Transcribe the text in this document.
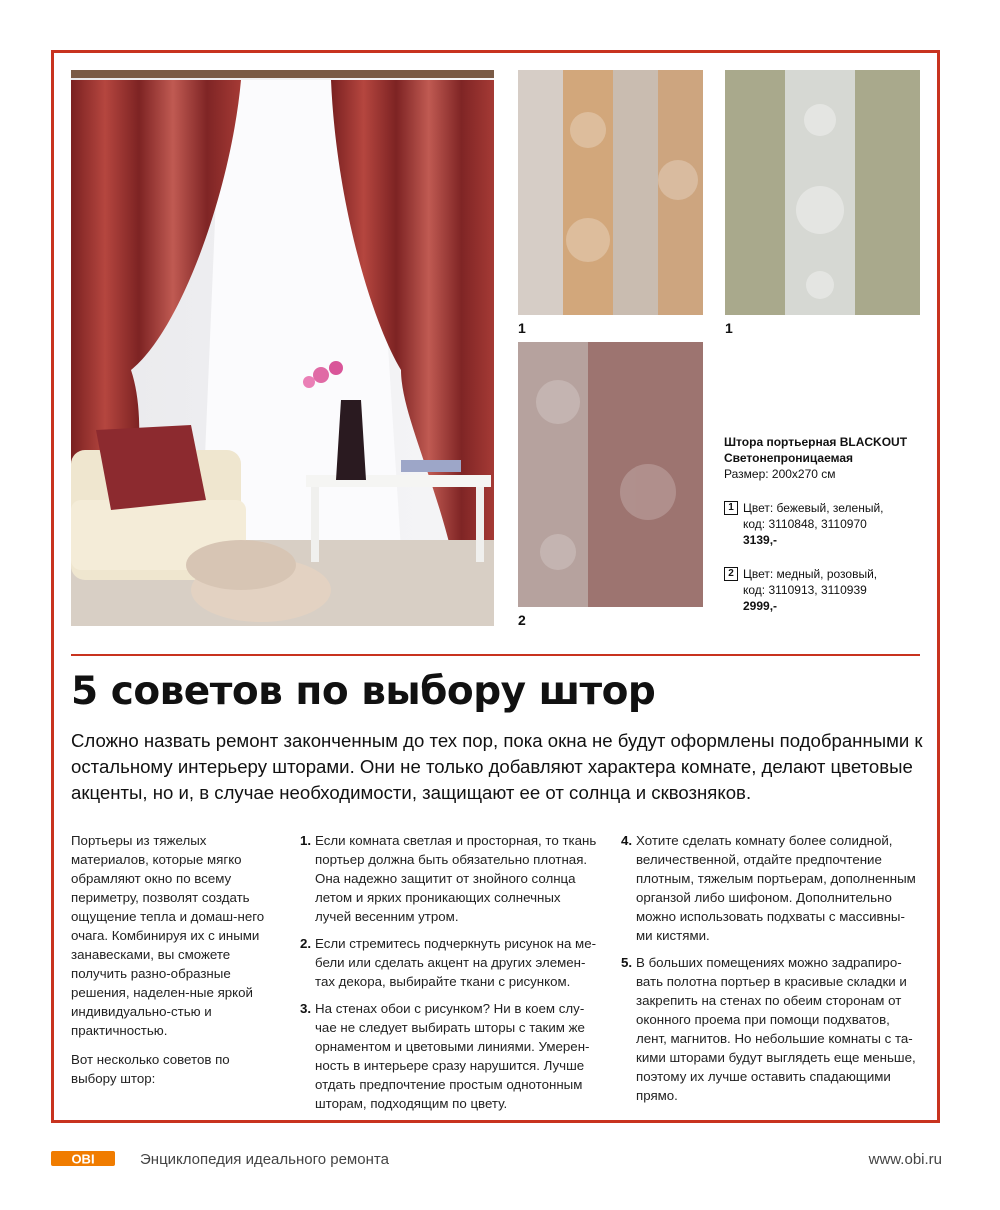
1	1
2
Штора портьерная BLACKOUT
Светонепроницаемая
Размер: 200x270 см
1 Цвет: бежевый, зеленый,
код: 3110848, 3110970
3139,-
2 Цвет: медный, розовый,
код: 3110913, 3110939
2999,-
5 советов по выбору штор

Сложно назвать ремонт законченным до тех пор, пока окна не будут оформлены подобранными к остальному интерьеру шторами. Они не только добавляют характера комнате, делают цветовые акценты, но и, в случае необходимости, защищают ее от солнца и сквозняков.

Портьеры из тяжелых материалов, которые мягко обрамляют окно по всему периметру, позволят создать ощущение тепла и домаш-него очага. Комбинируя их с иными занавесками, вы сможете получить разно-образные решения, наделен-ные яркой индивидуально-стью и практичностью.

Вот несколько советов по выбору штор:

1. Если комната светлая и просторная, то ткань портьер должна быть обязательно плотная. Она надежно защитит от знойного солнца летом и ярких проникающих солнечных лучей весенним утром.
2. Если стремитесь подчеркнуть рисунок на ме-бели или сделать акцент на других элемен-тах декора, выбирайте ткани с рисунком.
3. На стенах обои с рисунком? Ни в коем слу-чае не следует выбирать шторы с таким же орнаментом и цветовыми линиями. Умерен-ность в интерьере сразу нарушится. Лучше отдать предпочтение простым однотонным шторам, подходящим по цвету.
4. Хотите сделать комнату более солидной, величественной, отдайте предпочтение плотным, тяжелым портьерам, дополненным органзой либо шифоном. Дополнительно можно использовать подхваты с массивны-ми кистями.
5. В больших помещениях можно задрапиро-вать полотна портьер в красивые складки и закрепить на стенах по обеим сторонам от оконного проема при помощи подхватов, лент, магнитов. Но небольшие комнаты с та-кими шторами будут выглядеть еще меньше, поэтому их лучше оставить спадающими прямо.
OBI	Энциклопедия идеального ремонта	www.obi.ru
